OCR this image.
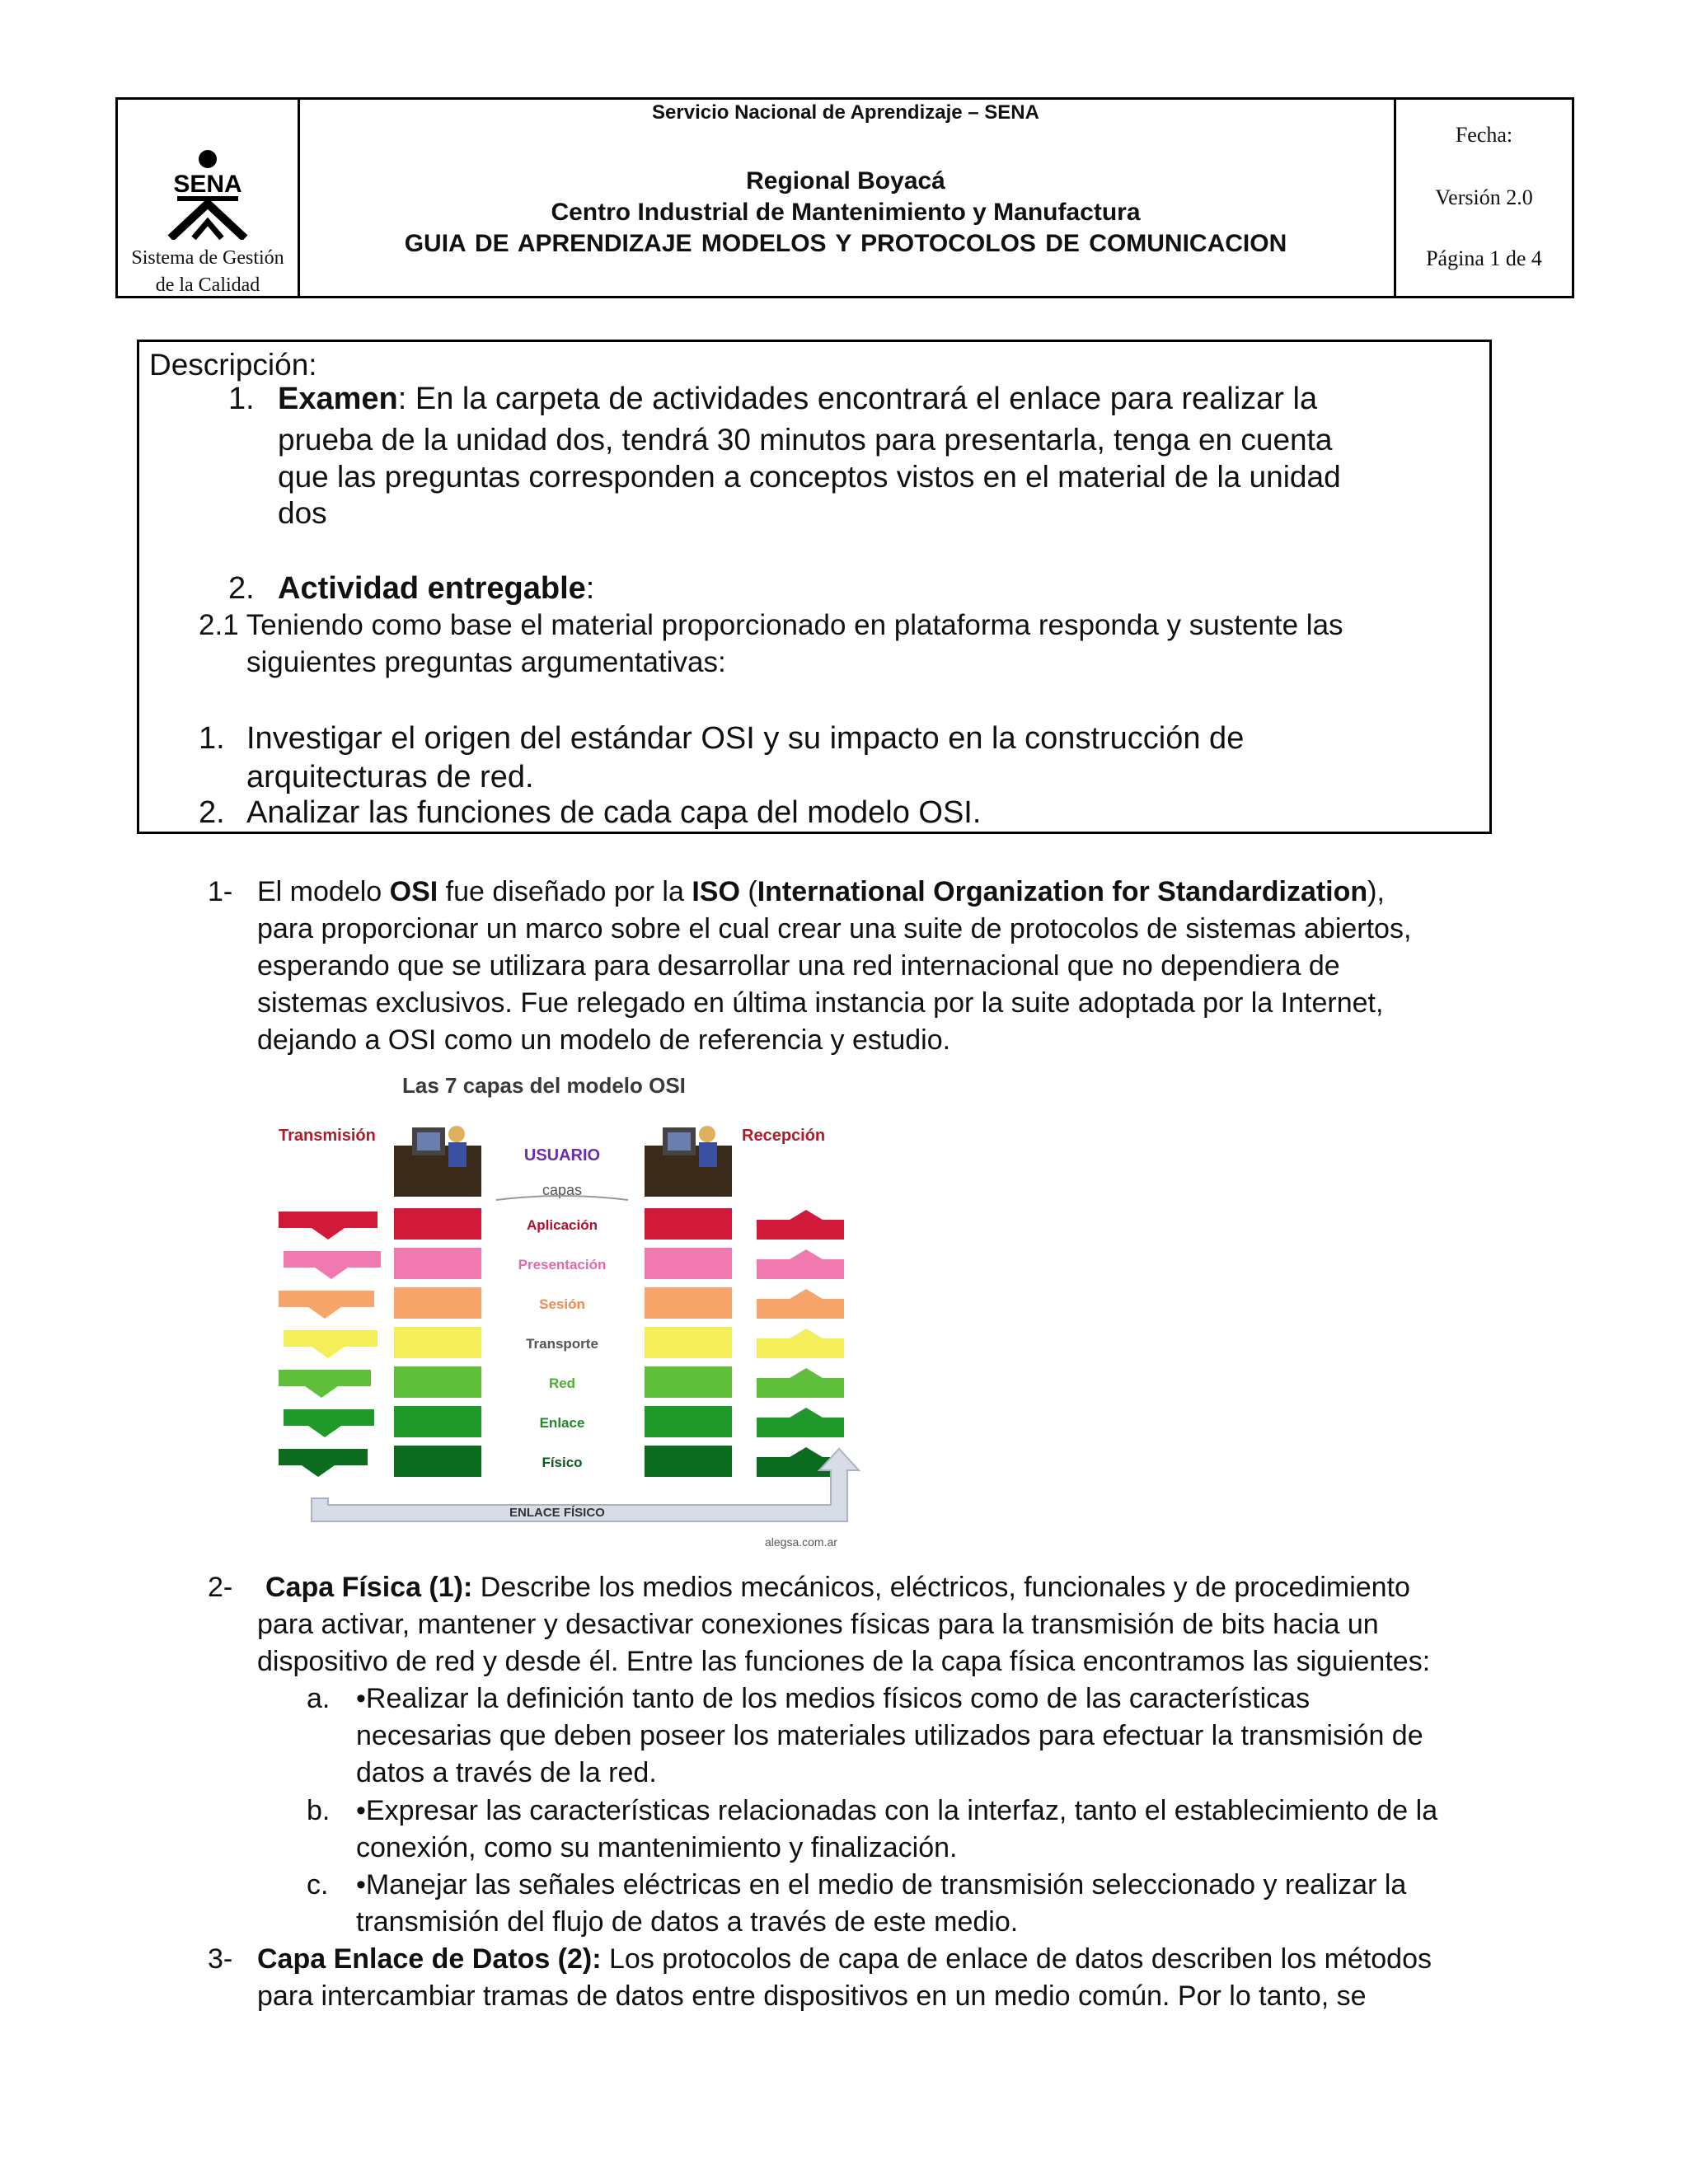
SENA
Sistema de Gestión
de la Calidad
Servicio Nacional de Aprendizaje – SENA
Regional Boyacá
Centro Industrial de Mantenimiento y Manufactura
GUIA DE APRENDIZAJE MODELOS Y PROTOCOLOS DE COMUNICACION
Fecha:
Versión 2.0
Página 1 de 4
Descripción:
1. Examen: En la carpeta de actividades encontrará el enlace para realizar la
prueba de la unidad dos, tendrá 30 minutos para presentarla, tenga en cuenta
que las preguntas corresponden a conceptos vistos en el material de la unidad
dos
2. Actividad entregable:
2.1 Teniendo como base el material proporcionado en plataforma responda y sustente las
siguientes preguntas argumentativas:
1. Investigar el origen del estándar OSI y su impacto en la construcción de
arquitecturas de red.
2. Analizar las funciones de cada capa del modelo OSI.
1- El modelo OSI fue diseñado por la ISO (International Organization for Standardization),
para proporcionar un marco sobre el cual crear una suite de protocolos de sistemas abiertos,
esperando que se utilizara para desarrollar una red internacional que no dependiera de
sistemas exclusivos. Fue relegado en última instancia por la suite adoptada por la Internet,
dejando a OSI como un modelo de referencia y estudio.
Las 7 capas del modelo OSI
Transmisión	Recepción
USUARIO
capas
Aplicación
Presentación
Sesión
Transporte
Red
Enlace
Físico
ENLACE FÍSICO
alegsa.com.ar
2- Capa Física (1): Describe los medios mecánicos, eléctricos, funcionales y de procedimiento
para activar, mantener y desactivar conexiones físicas para la transmisión de bits hacia un
dispositivo de red y desde él. Entre las funciones de la capa física encontramos las siguientes:
a. •Realizar la definición tanto de los medios físicos como de las características
necesarias que deben poseer los materiales utilizados para efectuar la transmisión de
datos a través de la red.
b. •Expresar las características relacionadas con la interfaz, tanto el establecimiento de la
conexión, como su mantenimiento y finalización.
c. •Manejar las señales eléctricas en el medio de transmisión seleccionado y realizar la
transmisión del flujo de datos a través de este medio.
3- Capa Enlace de Datos (2): Los protocolos de capa de enlace de datos describen los métodos
para intercambiar tramas de datos entre dispositivos en un medio común. Por lo tanto, se
